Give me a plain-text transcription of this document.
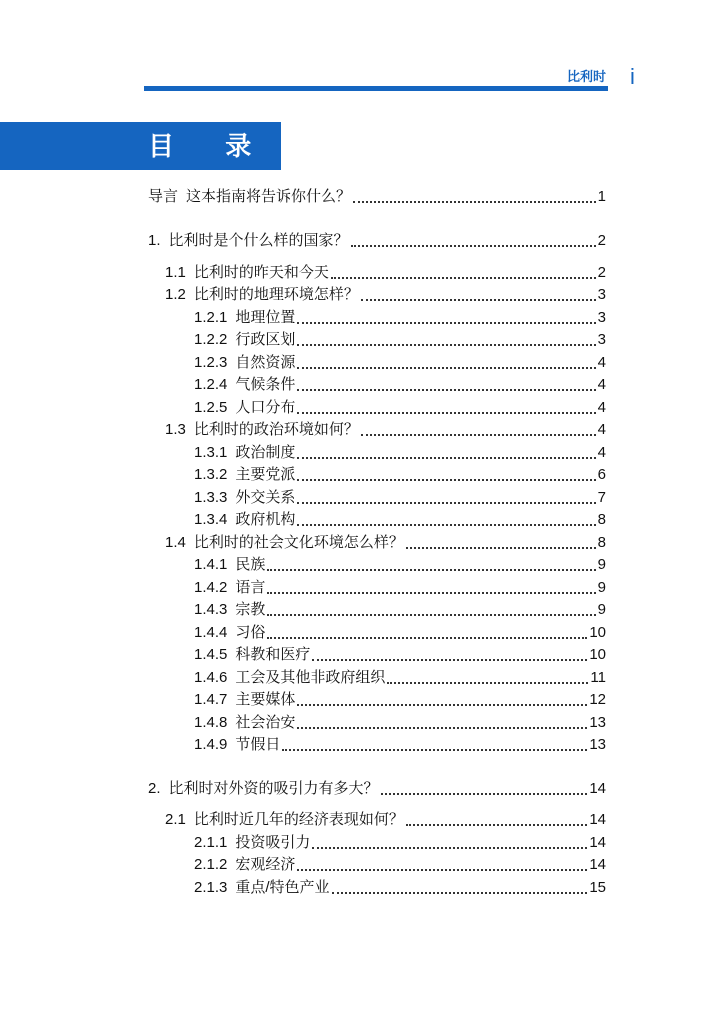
比利时 i
目 录
导言 这本指南将告诉你什么？	1
1. 比利时是个什么样的国家？	2
1.1 比利时的昨天和今天	2
1.2 比利时的地理环境怎样？	3
1.2.1 地理位置	3
1.2.2 行政区划	3
1.2.3 自然资源	4
1.2.4 气候条件	4
1.2.5 人口分布	4
1.3 比利时的政治环境如何？	4
1.3.1 政治制度	4
1.3.2 主要党派	6
1.3.3 外交关系	7
1.3.4 政府机构	8
1.4 比利时的社会文化环境怎么样？	8
1.4.1 民族	9
1.4.2 语言	9
1.4.3 宗教	9
1.4.4 习俗	10
1.4.5 科教和医疗	10
1.4.6 工会及其他非政府组织	11
1.4.7 主要媒体	12
1.4.8 社会治安	13
1.4.9 节假日	13
2. 比利时对外资的吸引力有多大？	14
2.1 比利时近几年的经济表现如何？	14
2.1.1 投资吸引力	14
2.1.2 宏观经济	14
2.1.3 重点/特色产业	15
